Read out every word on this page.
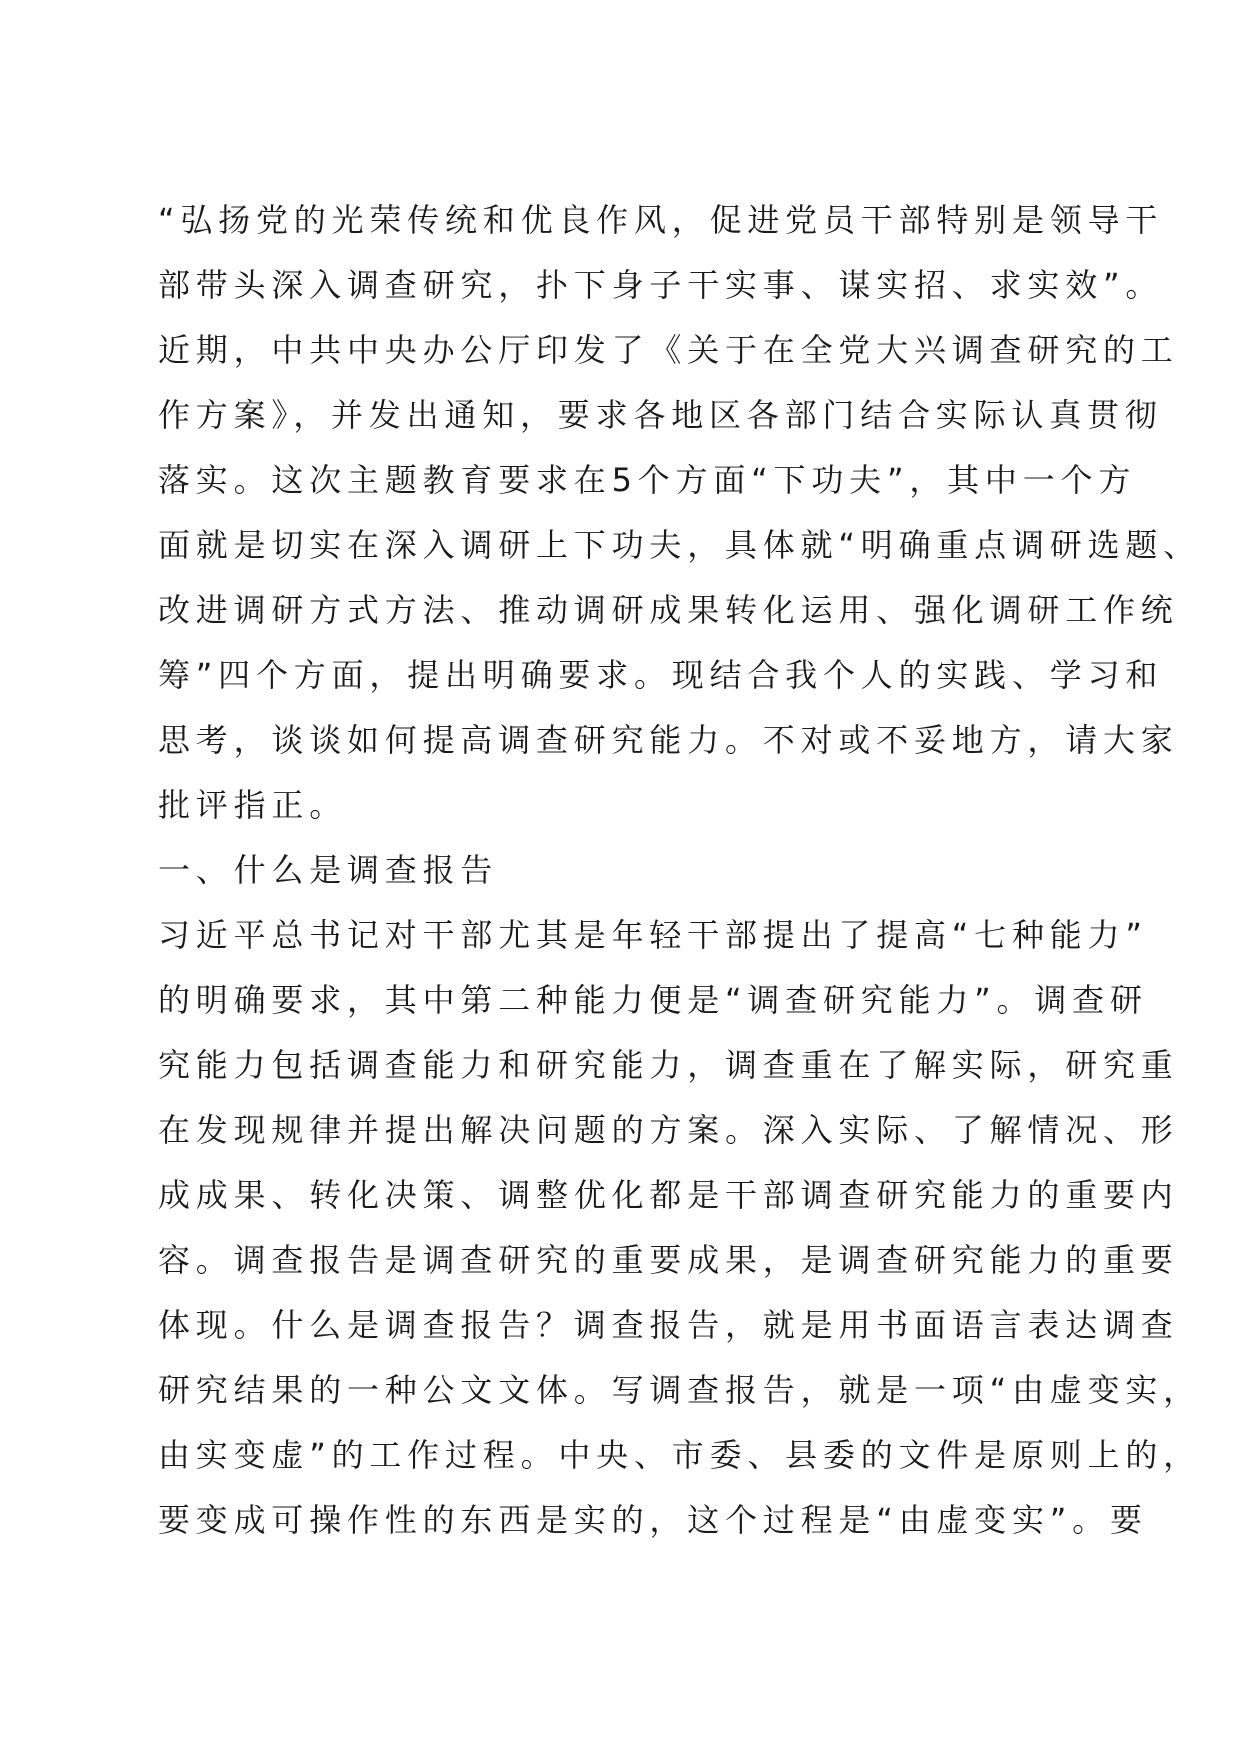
“弘扬党的光荣传统和优良作风，促进党员干部特别是领导干
部带头深入调查研究，扑下身子干实事、谋实招、求实效”。
近期，中共中央办公厅印发了《关于在全党大兴调查研究的工
作方案》，并发出通知，要求各地区各部门结合实际认真贯彻
落实。这次主题教育要求在5个方面“下功夫”，其中一个方
面就是切实在深入调研上下功夫，具体就“明确重点调研选题、
改进调研方式方法、推动调研成果转化运用、强化调研工作统
筹”四个方面，提出明确要求。现结合我个人的实践、学习和
思考，谈谈如何提高调查研究能力。不对或不妥地方，请大家
批评指正。
一、什么是调查报告
习近平总书记对干部尤其是年轻干部提出了提高“七种能力”
的明确要求，其中第二种能力便是“调查研究能力”。调查研
究能力包括调查能力和研究能力，调查重在了解实际，研究重
在发现规律并提出解决问题的方案。深入实际、了解情况、形
成成果、转化决策、调整优化都是干部调查研究能力的重要内
容。调查报告是调查研究的重要成果，是调查研究能力的重要
体现。什么是调查报告？调查报告，就是用书面语言表达调查
研究结果的一种公文文体。写调查报告，就是一项“由虚变实，
由实变虚”的工作过程。中央、市委、县委的文件是原则上的，
要变成可操作性的东西是实的，这个过程是“由虚变实”。要
